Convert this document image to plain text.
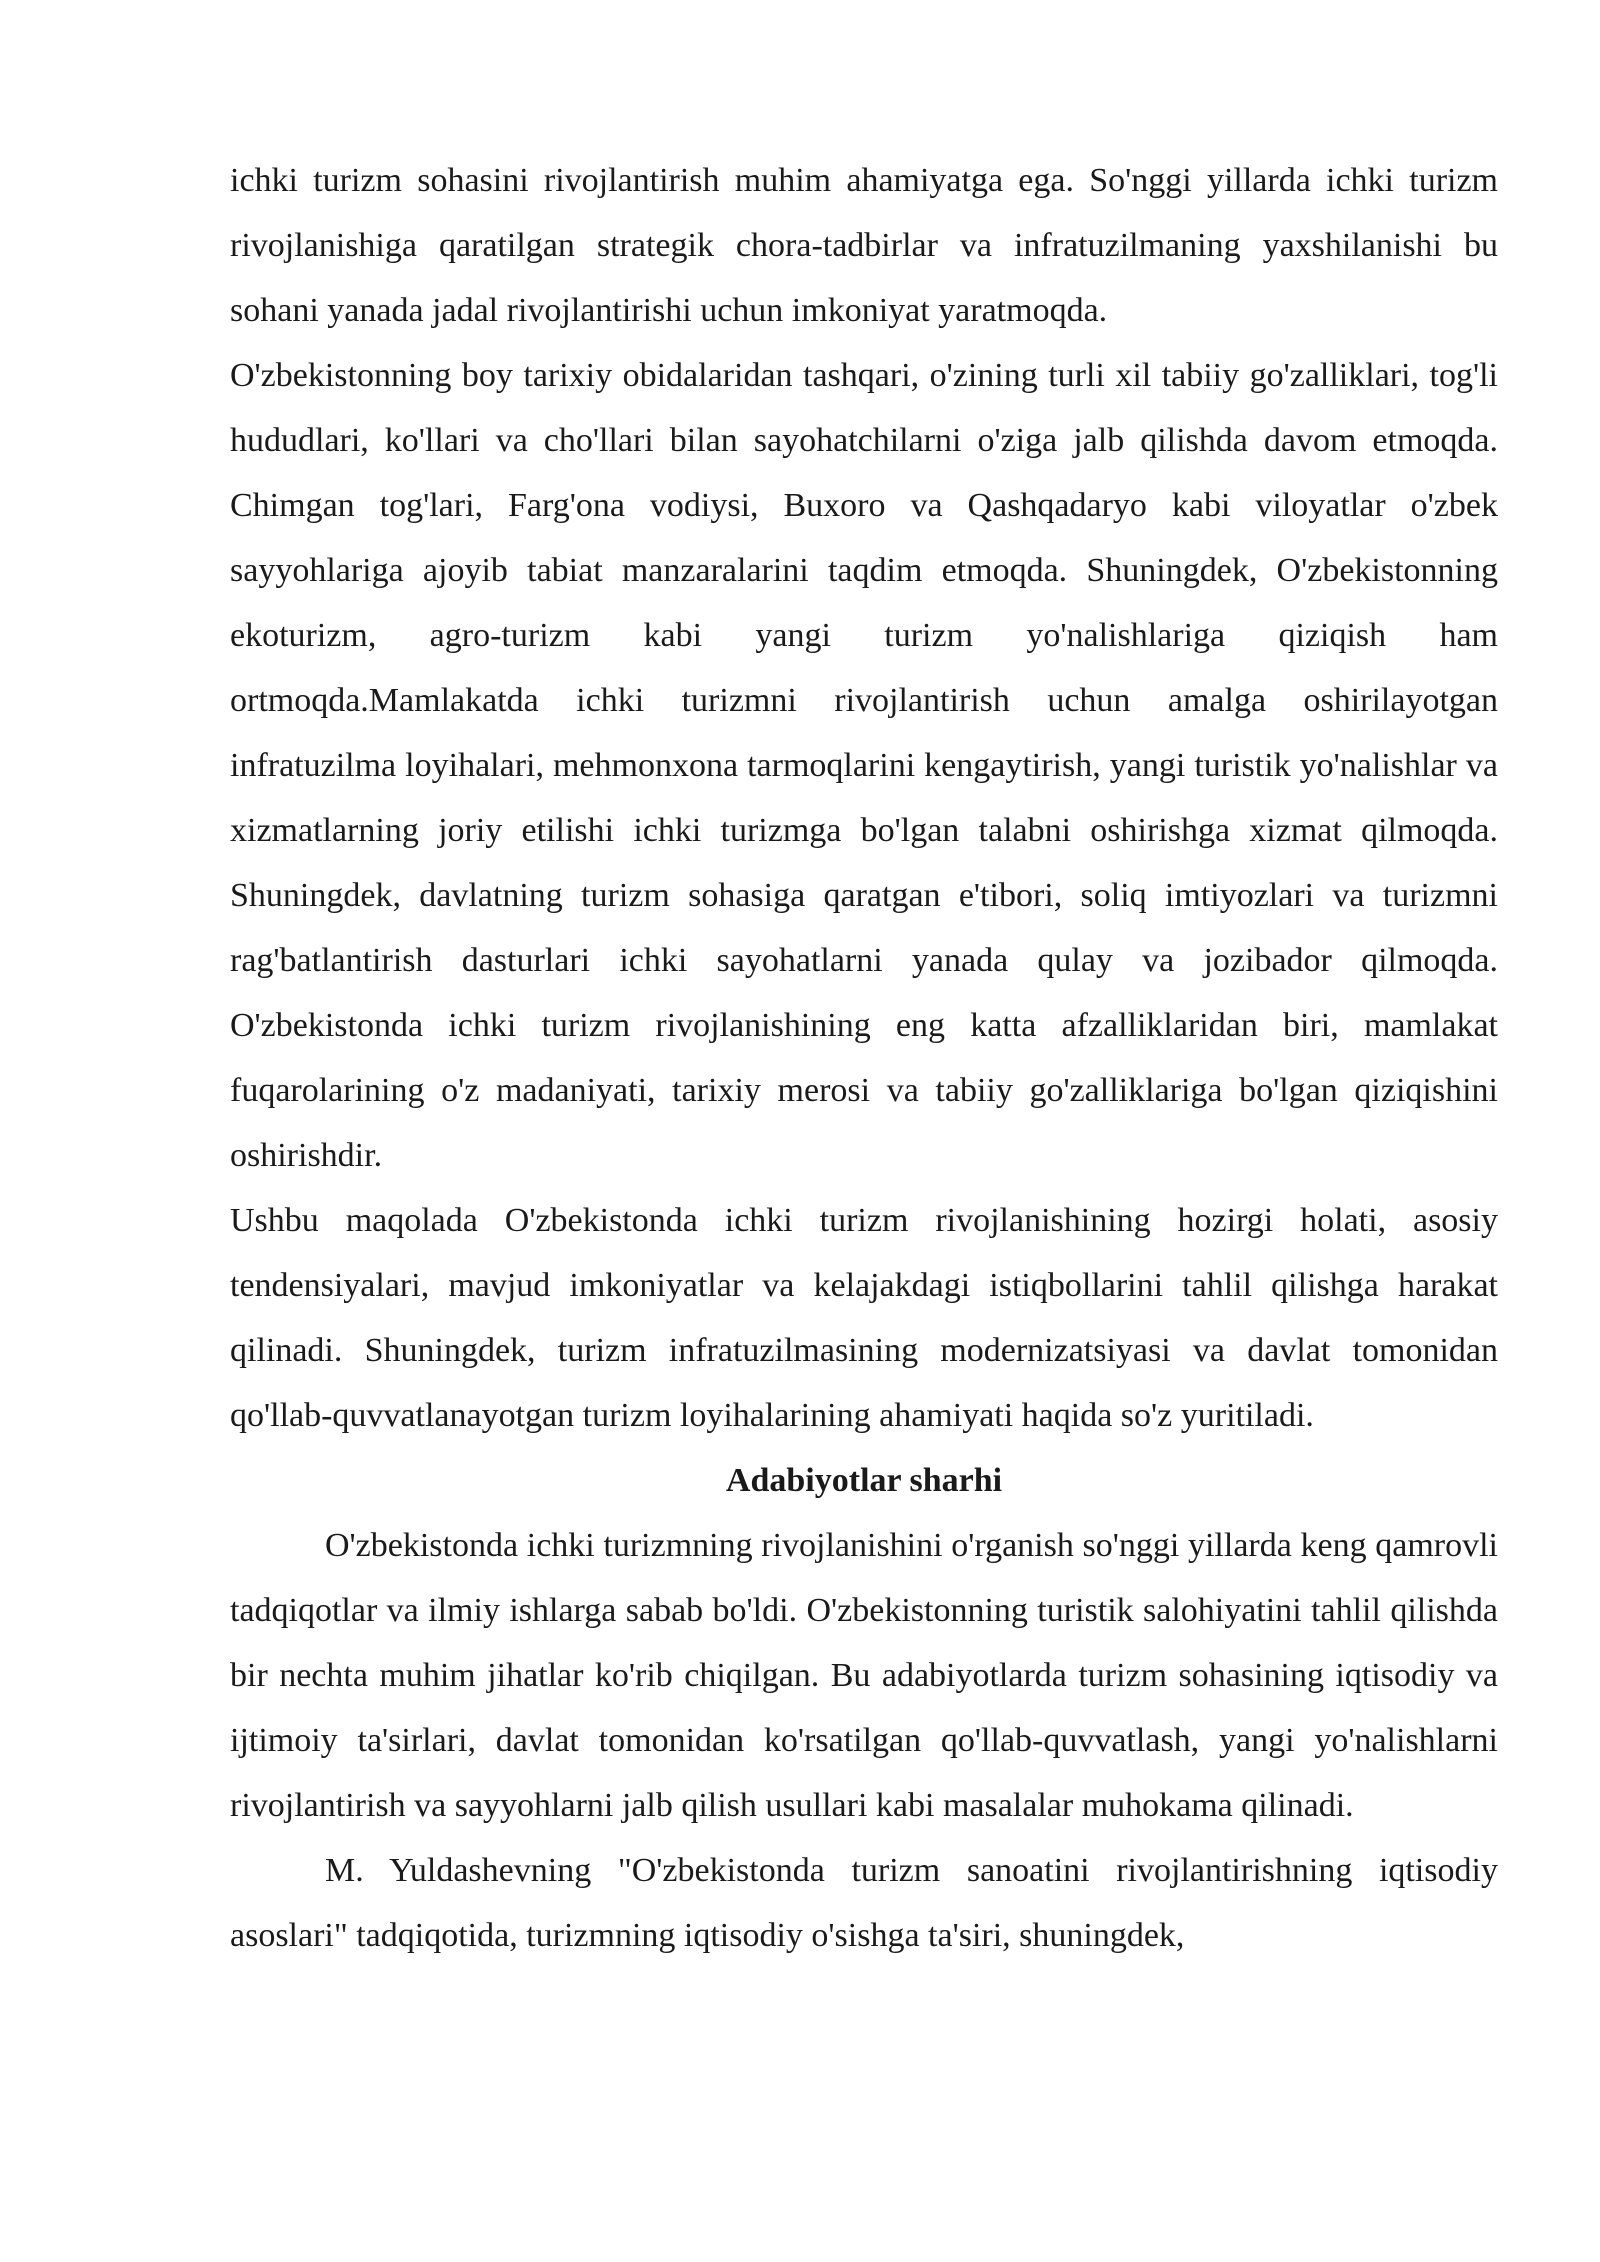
ichki turizm sohasini rivojlantirish muhim ahamiyatga ega. So'nggi yillarda ichki turizm rivojlanishiga qaratilgan strategik chora-tadbirlar va infratuzilmaning yaxshilanishi bu sohani yanada jadal rivojlantirishi uchun imkoniyat yaratmoqda.

O'zbekistonning boy tarixiy obidalaridan tashqari, o'zining turli xil tabiiy go'zalliklari, tog'li hududlari, ko'llari va cho'llari bilan sayohatchilarni o'ziga jalb qilishda davom etmoqda. Chimgan tog'lari, Farg'ona vodiysi, Buxoro va Qashqadaryo kabi viloyatlar o'zbek sayyohlariga ajoyib tabiat manzaralarini taqdim etmoqda. Shuningdek, O'zbekistonning ekoturizm, agro-turizm kabi yangi turizm yo'nalishlariga qiziqish ham ortmoqda.Mamlakatda ichki turizmni rivojlantirish uchun amalga oshirilayotgan infratuzilma loyihalari, mehmonxona tarmoqlarini kengaytirish, yangi turistik yo'nalishlar va xizmatlarning joriy etilishi ichki turizmga bo'lgan talabni oshirishga xizmat qilmoqda. Shuningdek, davlatning turizm sohasiga qaratgan e'tibori, soliq imtiyozlari va turizmni rag'batlantirish dasturlari ichki sayohatlarni yanada qulay va jozibador qilmoqda. O'zbekistonda ichki turizm rivojlanishining eng katta afzalliklaridan biri, mamlakat fuqarolarining o'z madaniyati, tarixiy merosi va tabiiy go'zalliklariga bo'lgan qiziqishini oshirishdir.

Ushbu maqolada O'zbekistonda ichki turizm rivojlanishining hozirgi holati, asosiy tendensiyalari, mavjud imkoniyatlar va kelajakdagi istiqbollarini tahlil qilishga harakat qilinadi. Shuningdek, turizm infratuzilmasining modernizatsiyasi va davlat tomonidan qo'llab-quvvatlanayotgan turizm loyihalarining ahamiyati haqida so'z yuritiladi.

Adabiyotlar sharhi

O'zbekistonda ichki turizmning rivojlanishini o'rganish so'nggi yillarda keng qamrovli tadqiqotlar va ilmiy ishlarga sabab bo'ldi. O'zbekistonning turistik salohiyatini tahlil qilishda bir nechta muhim jihatlar ko'rib chiqilgan. Bu adabiyotlarda turizm sohasining iqtisodiy va ijtimoiy ta'sirlari, davlat tomonidan ko'rsatilgan qo'llab-quvvatlash, yangi yo'nalishlarni rivojlantirish va sayyohlarni jalb qilish usullari kabi masalalar muhokama qilinadi.

M. Yuldashevning "O'zbekistonda turizm sanoatini rivojlantirishning iqtisodiy asoslari" tadqiqotida, turizmning iqtisodiy o'sishga ta'siri, shuningdek,
